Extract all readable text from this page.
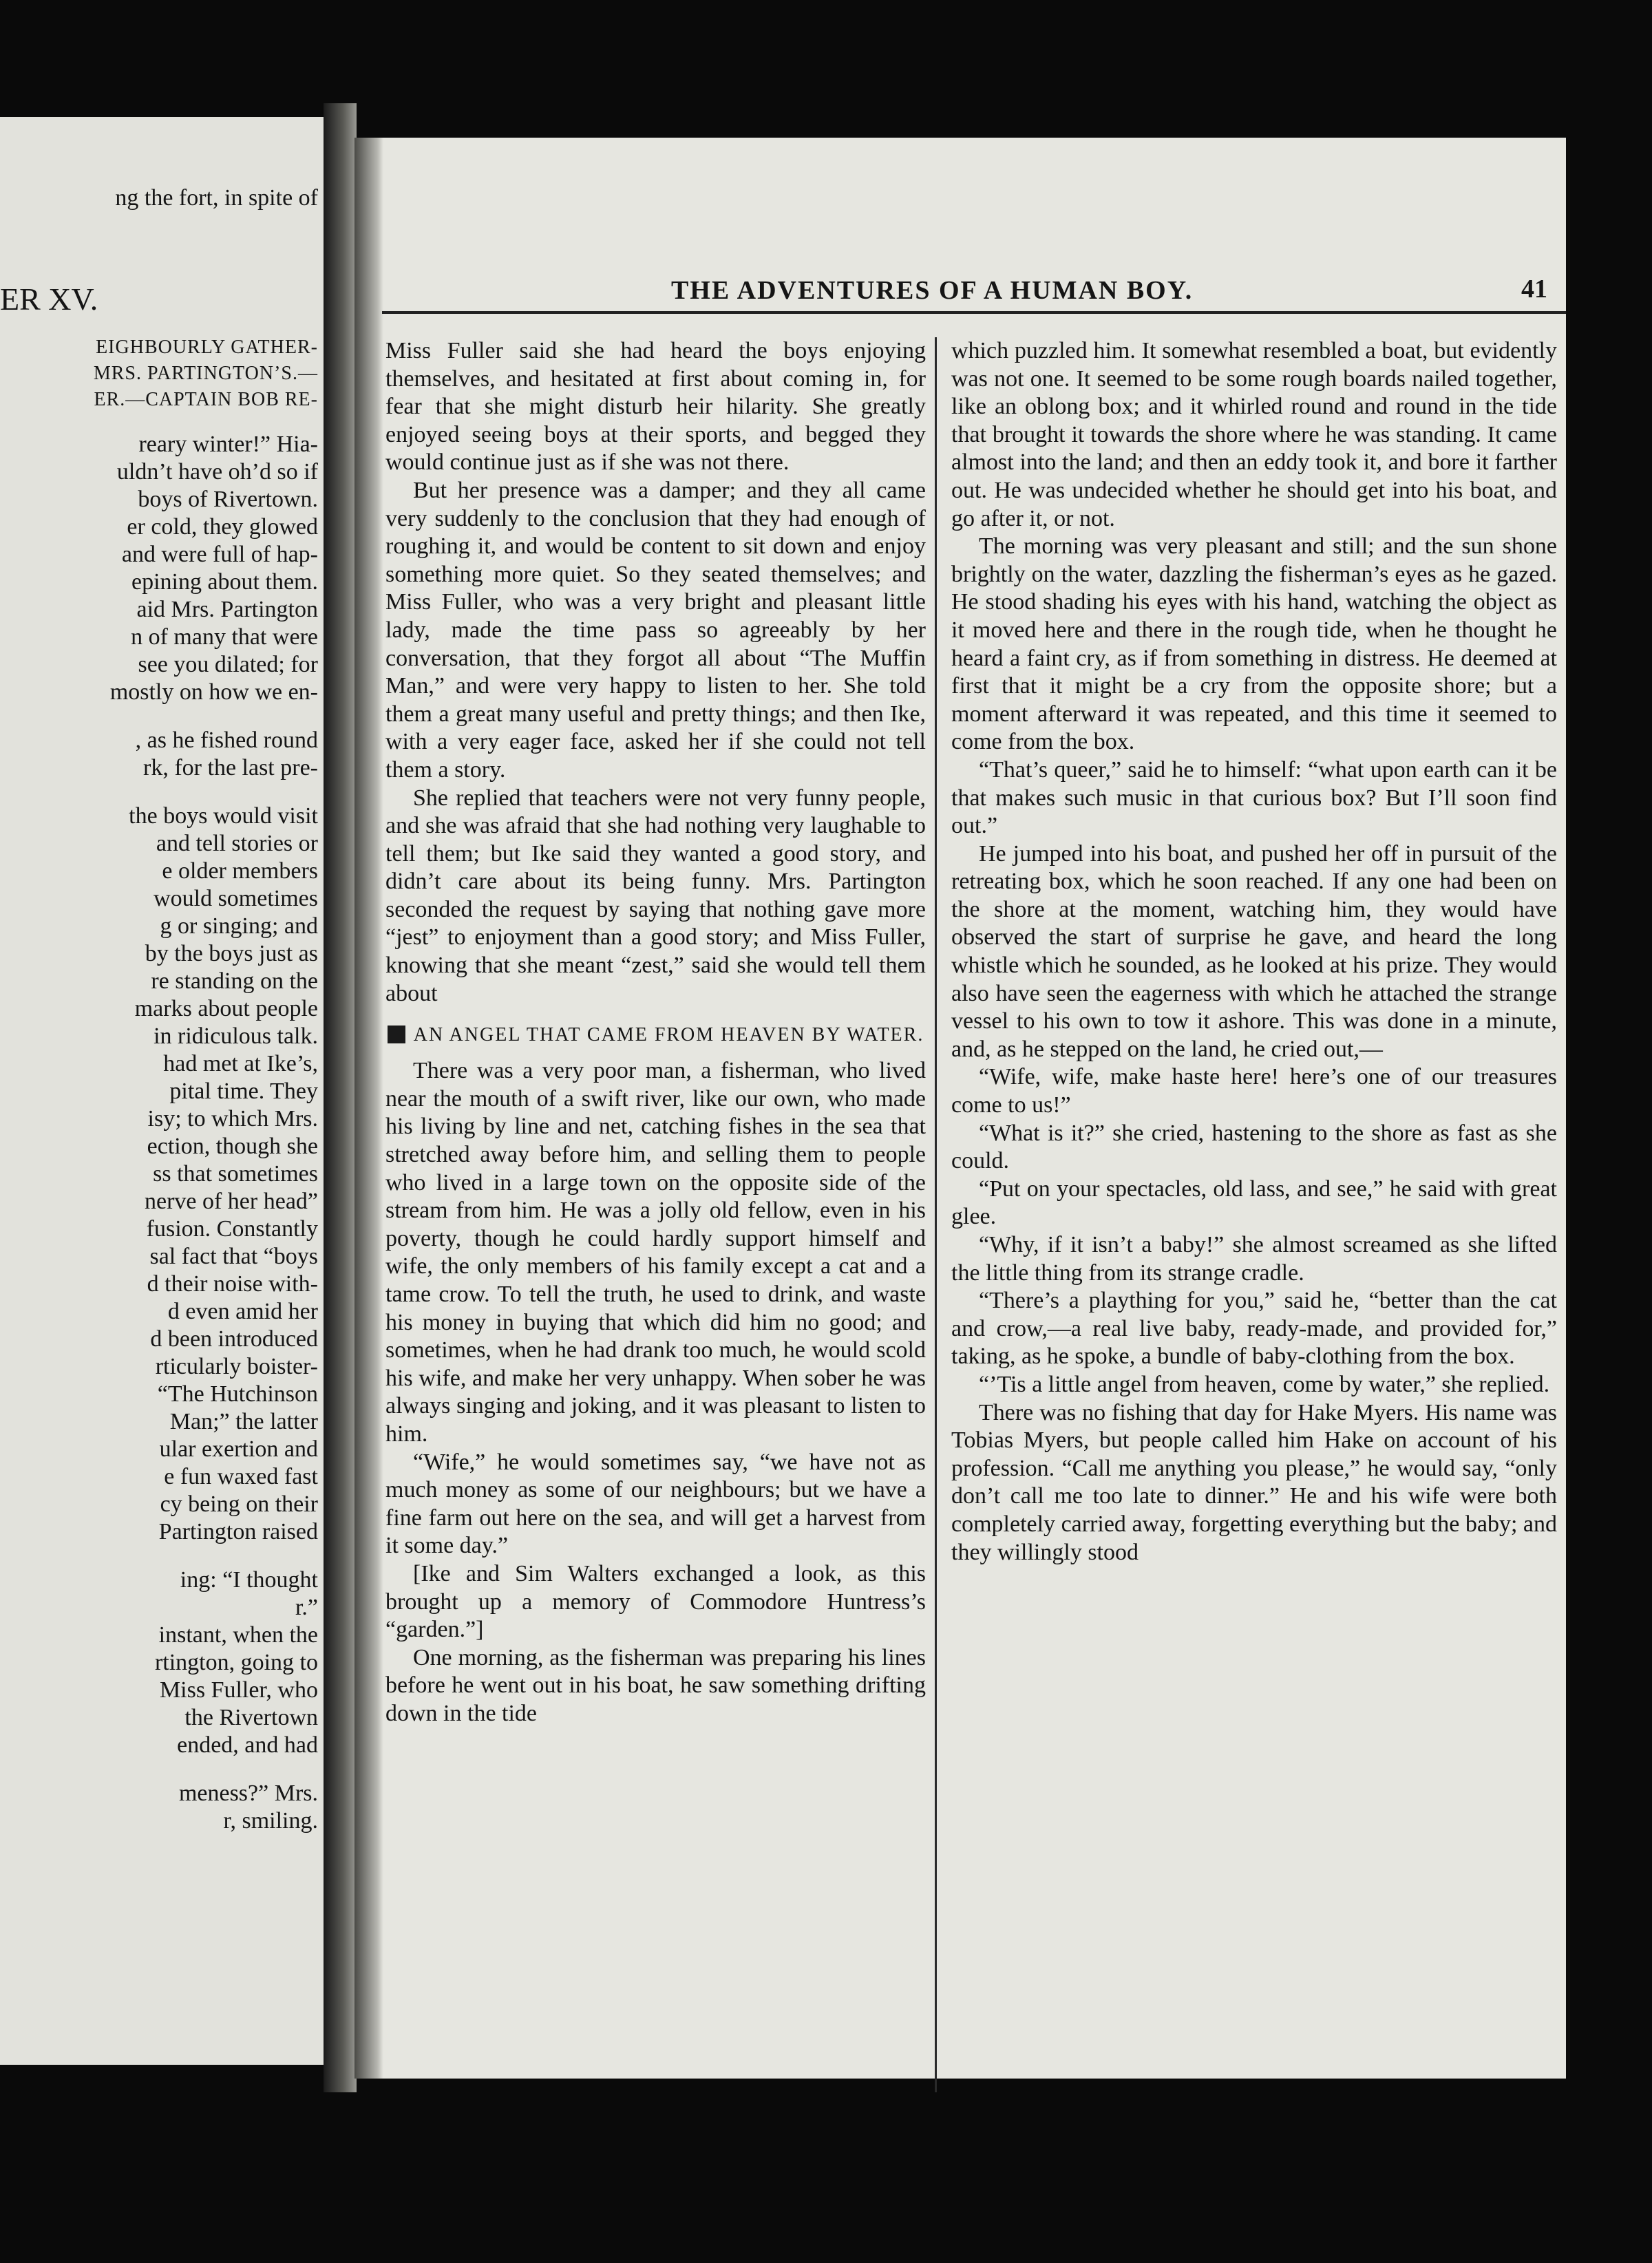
ng the fort, in spite of
ER XV.
EIGHBOURLY GATHER-
MRS. PARTINGTON’S.—
ER.—CAPTAIN BOB RE-
reary winter!” Hia-
uldn’t have oh’d so if
boys of Rivertown.
er cold, they glowed
and were full of hap-
epining about them.
aid Mrs. Partington
n of many that were
see you dilated; for
mostly on how we en-
, as he fished round
rk, for the last pre-
the boys would visit
and tell stories or
e older members
would sometimes
g or singing; and
by the boys just as
re standing on the
marks about people
in ridiculous talk.
had met at Ike’s,
pital time. They
isy; to which Mrs.
ection, though she
ss that sometimes
nerve of her head”
fusion. Constantly
sal fact that “boys
d their noise with-
d even amid her
d been introduced
rticularly boister-
“The Hutchinson
Man;” the latter
ular exertion and
e fun waxed fast
cy being on their
Partington raised
ing: “I thought
r.”
instant, when the
rtington, going to
Miss Fuller, who
the Rivertown
ended, and had
meness?” Mrs.
r, smiling.
THE ADVENTURES OF A HUMAN BOY.	41

Miss Fuller said she had heard the boys enjoying themselves, and hesitated at first about coming in, for fear that she might disturb heir hilarity. She greatly enjoyed seeing boys at their sports, and begged they would continue just as if she was not there.

But her presence was a damper; and they all came very suddenly to the conclusion that they had enough of roughing it, and would be content to sit down and enjoy something more quiet. So they seated themselves; and Miss Fuller, who was a very bright and pleasant little lady, made the time pass so agreeably by her conversation, that they forgot all about “The Muffin Man,” and were very happy to listen to her. She told them a great many useful and pretty things; and then Ike, with a very eager face, asked her if she could not tell them a story.

She replied that teachers were not very funny people, and she was afraid that she had nothing very laughable to tell them; but Ike said they wanted a good story, and didn’t care about its being funny. Mrs. Partington seconded the request by saying that nothing gave more “jest” to enjoyment than a good story; and Miss Fuller, knowing that she meant “zest,” said she would tell them about

AN ANGEL THAT CAME FROM HEAVEN BY WATER.

There was a very poor man, a fisherman, who lived near the mouth of a swift river, like our own, who made his living by line and net, catching fishes in the sea that stretched away before him, and selling them to people who lived in a large town on the opposite side of the stream from him. He was a jolly old fellow, even in his poverty, though he could hardly support himself and wife, the only members of his family except a cat and a tame crow. To tell the truth, he used to drink, and waste his money in buying that which did him no good; and sometimes, when he had drank too much, he would scold his wife, and make her very unhappy. When sober he was always singing and joking, and it was pleasant to listen to him.

“Wife,” he would sometimes say, “we have not as much money as some of our neighbours; but we have a fine farm out here on the sea, and will get a harvest from it some day.”

[Ike and Sim Walters exchanged a look, as this brought up a memory of Commodore Huntress’s “garden.”]

One morning, as the fisherman was preparing his lines before he went out in his boat, he saw something drifting down in the tide

which puzzled him. It somewhat resembled a boat, but evidently was not one. It seemed to be some rough boards nailed together, like an oblong box; and it whirled round and round in the tide that brought it towards the shore where he was standing. It came almost into the land; and then an eddy took it, and bore it farther out. He was undecided whether he should get into his boat, and go after it, or not.

The morning was very pleasant and still; and the sun shone brightly on the water, dazzling the fisherman’s eyes as he gazed. He stood shading his eyes with his hand, watching the object as it moved here and there in the rough tide, when he thought he heard a faint cry, as if from something in distress. He deemed at first that it might be a cry from the opposite shore; but a moment afterward it was repeated, and this time it seemed to come from the box.

“That’s queer,” said he to himself: “what upon earth can it be that makes such music in that curious box? But I’ll soon find out.”

He jumped into his boat, and pushed her off in pursuit of the retreating box, which he soon reached. If any one had been on the shore at the moment, watching him, they would have observed the start of surprise he gave, and heard the long whistle which he sounded, as he looked at his prize. They would also have seen the eagerness with which he attached the strange vessel to his own to tow it ashore. This was done in a minute, and, as he stepped on the land, he cried out,—

“Wife, wife, make haste here! here’s one of our treasures come to us!”

“What is it?” she cried, hastening to the shore as fast as she could.

“Put on your spectacles, old lass, and see,” he said with great glee.

“Why, if it isn’t a baby!” she almost screamed as she lifted the little thing from its strange cradle.

“There’s a plaything for you,” said he, “better than the cat and crow,—a real live baby, ready-made, and provided for,” taking, as he spoke, a bundle of baby-clothing from the box.

“’Tis a little angel from heaven, come by water,” she replied.

There was no fishing that day for Hake Myers. His name was Tobias Myers, but people called him Hake on account of his profession. “Call me anything you please,” he would say, “only don’t call me too late to dinner.” He and his wife were both completely carried away, forgetting everything but the baby; and they willingly stood
